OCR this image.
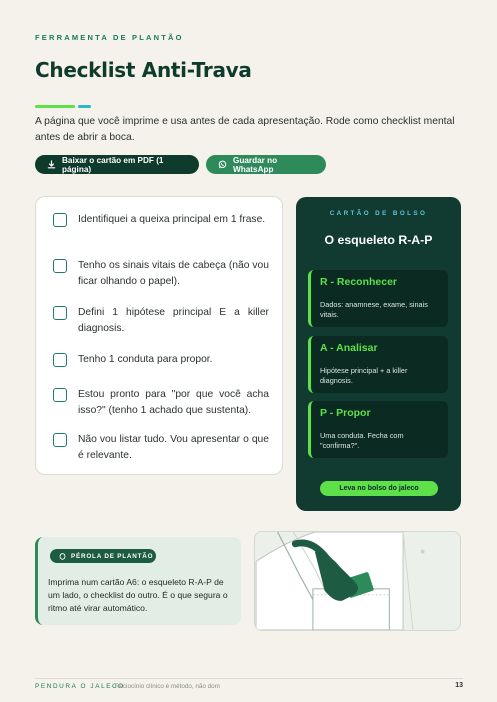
FERRAMENTA DE PLANTÃO
Checklist Anti-Trava

A página que você imprime e usa antes de cada apresentação. Rode como checklist mental antes de abrir a boca.

Baixar o cartão em PDF (1 página)
Guardar no WhatsApp
Identifiquei a queixa principal em 1 frase.
Tenho os sinais vitais de cabeça (não vou ficar olhando o papel).
Defini 1 hipótese principal E a killer diagnosis.
Tenho 1 conduta para propor.
Estou pronto para "por que você acha isso?" (tenho 1 achado que sustenta).
Não vou listar tudo. Vou apresentar o que é relevante.
CARTÃO DE BOLSO
O esqueleto R-A-P
R - Reconhecer
Dados: anamnese, exame, sinais vitais.
A - Analisar
Hipótese principal + a killer diagnosis.
P - Propor
Uma conduta. Fecha com "confirma?".
Leva no bolso do jaleco
PÉROLA DE PLANTÃO

Imprima num cartão A6: o esqueleto R-A-P de um lado, o checklist do outro. É o que segura o ritmo até virar automático.

PENDURA O JALECO
· Raciocínio clínico é método, não dom	13
